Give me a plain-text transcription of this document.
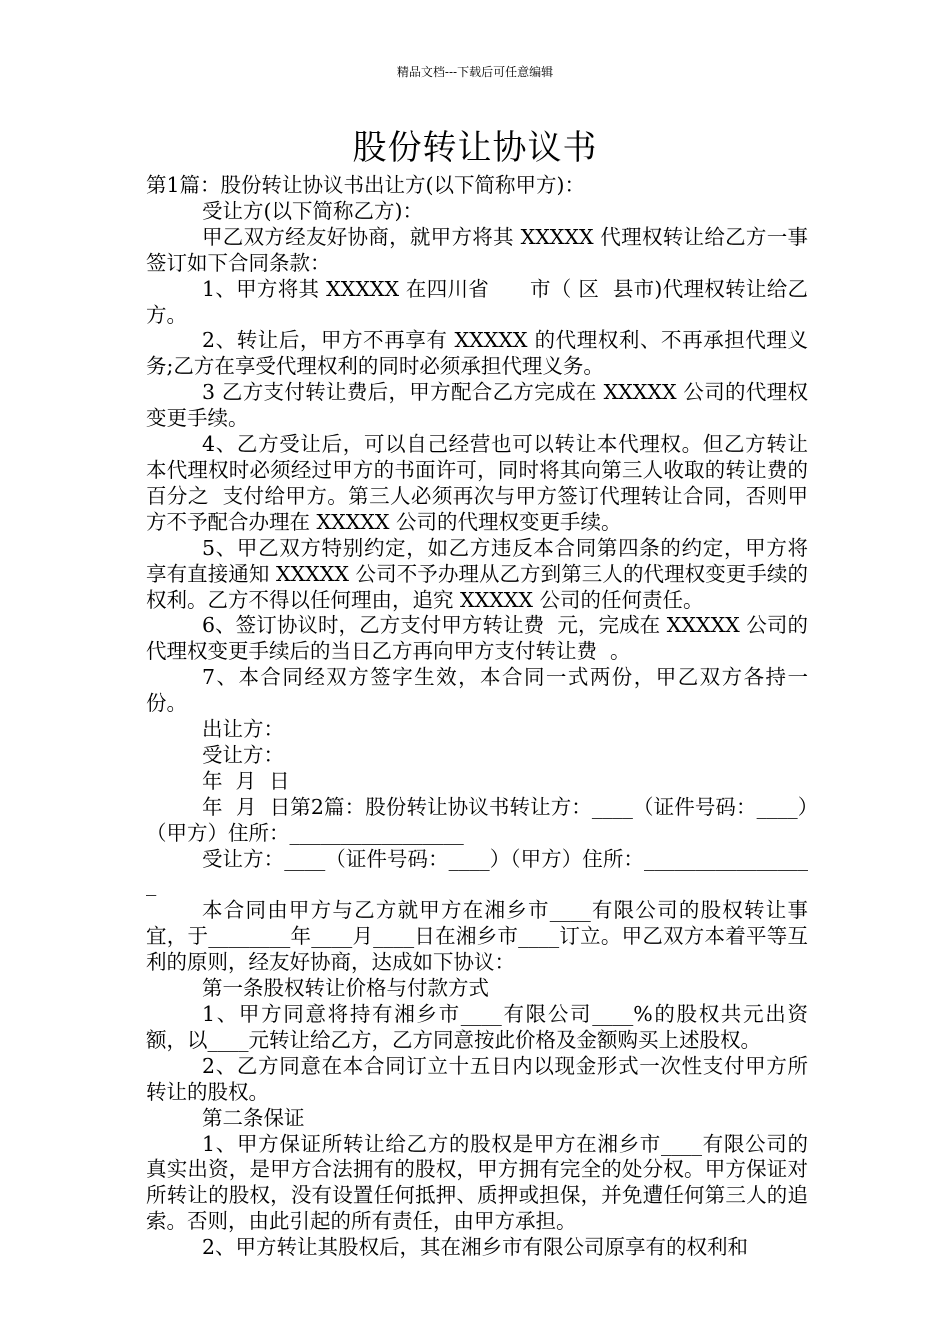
精品文档---下载后可任意编辑
股份转让协议书

第1篇：股份转让协议书出让方(以下简称甲方)：

受让方(以下简称乙方)：

甲乙双方经友好协商，就甲方将其 XXXXX 代理权转让给乙方一事签订如下合同条款：

1、甲方将其 XXXXX 在四川省      市（ 区  县市)代理权转让给乙方。

2、转让后，甲方不再享有 XXXXX 的代理权利、不再承担代理义务;乙方在享受代理权利的同时必须承担代理义务。

3 乙方支付转让费后，甲方配合乙方完成在 XXXXX 公司的代理权变更手续。

4、乙方受让后，可以自己经营也可以转让本代理权。但乙方转让本代理权时必须经过甲方的书面许可，同时将其向第三人收取的转让费的百分之  支付给甲方。第三人必须再次与甲方签订代理转让合同，否则甲方不予配合办理在 XXXXX 公司的代理权变更手续。

5、甲乙双方特别约定，如乙方违反本合同第四条的约定，甲方将享有直接通知 XXXXX 公司不予办理从乙方到第三人的代理权变更手续的权利。乙方不得以任何理由，追究 XXXXX 公司的任何责任。

6、签订协议时，乙方支付甲方转让费  元，完成在 XXXXX 公司的代理权变更手续后的当日乙方再向甲方支付转让费  。

7、本合同经双方签字生效，本合同一式两份，甲乙双方各持一份。

出让方：

受让方：

年  月  日

年  月  日第2篇：股份转让协议书转让方：____（证件号码：____）（甲方）住所：_________________

受让方：____（证件号码：____）（甲方）住所：_________________

本合同由甲方与乙方就甲方在湘乡市____有限公司的股权转让事宜，于________年____月____日在湘乡市____订立。甲乙双方本着平等互利的原则，经友好协商，达成如下协议：

第一条股权转让价格与付款方式

1、甲方同意将持有湘乡市____有限公司____%的股权共元出资额，以____元转让给乙方，乙方同意按此价格及金额购买上述股权。

2、乙方同意在本合同订立十五日内以现金形式一次性支付甲方所转让的股权。

第二条保证

1、甲方保证所转让给乙方的股权是甲方在湘乡市____有限公司的真实出资，是甲方合法拥有的股权，甲方拥有完全的处分权。甲方保证对所转让的股权，没有设置任何抵押、质押或担保，并免遭任何第三人的追索。否则，由此引起的所有责任，由甲方承担。

2、甲方转让其股权后，其在湘乡市有限公司原享有的权利和
